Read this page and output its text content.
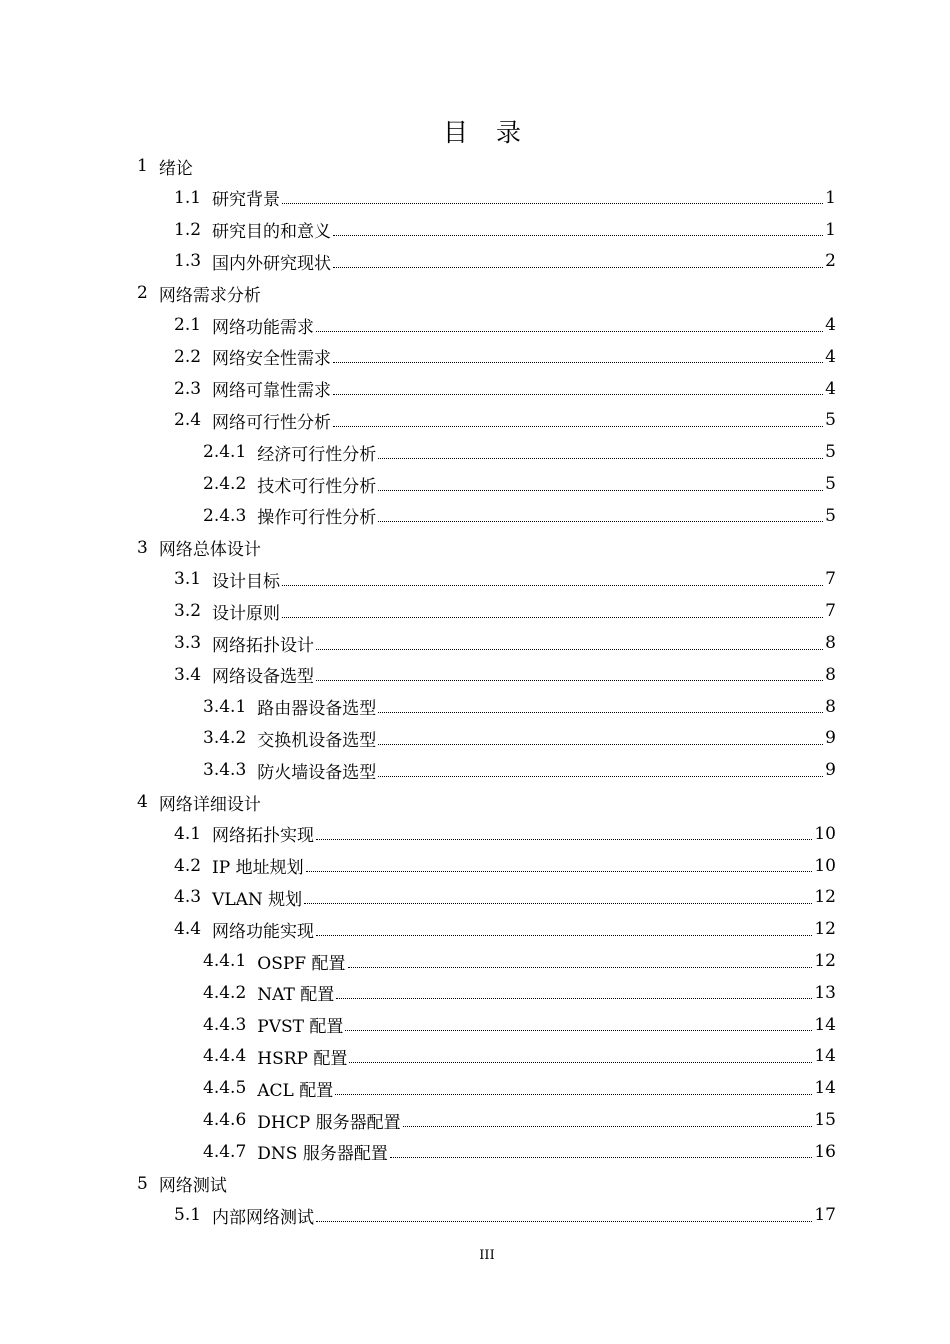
目 录
1 绪论
1.1 研究背景	1
1.2 研究目的和意义	1
1.3 国内外研究现状	2
2 网络需求分析
2.1 网络功能需求	4
2.2 网络安全性需求	4
2.3 网络可靠性需求	4
2.4 网络可行性分析	5
2.4.1 经济可行性分析	5
2.4.2 技术可行性分析	5
2.4.3 操作可行性分析	5
3 网络总体设计
3.1 设计目标	7
3.2 设计原则	7
3.3 网络拓扑设计	8
3.4 网络设备选型	8
3.4.1 路由器设备选型	8
3.4.2 交换机设备选型	9
3.4.3 防火墙设备选型	9
4 网络详细设计
4.1 网络拓扑实现	10
4.2 IP 地址规划	10
4.3 VLAN 规划	12
4.4 网络功能实现	12
4.4.1 OSPF 配置	12
4.4.2 NAT 配置	13
4.4.3 PVST 配置	14
4.4.4 HSRP 配置	14
4.4.5 ACL 配置	14
4.4.6 DHCP 服务器配置	15
4.4.7 DNS 服务器配置	16
5 网络测试
5.1 内部网络测试	17
III
